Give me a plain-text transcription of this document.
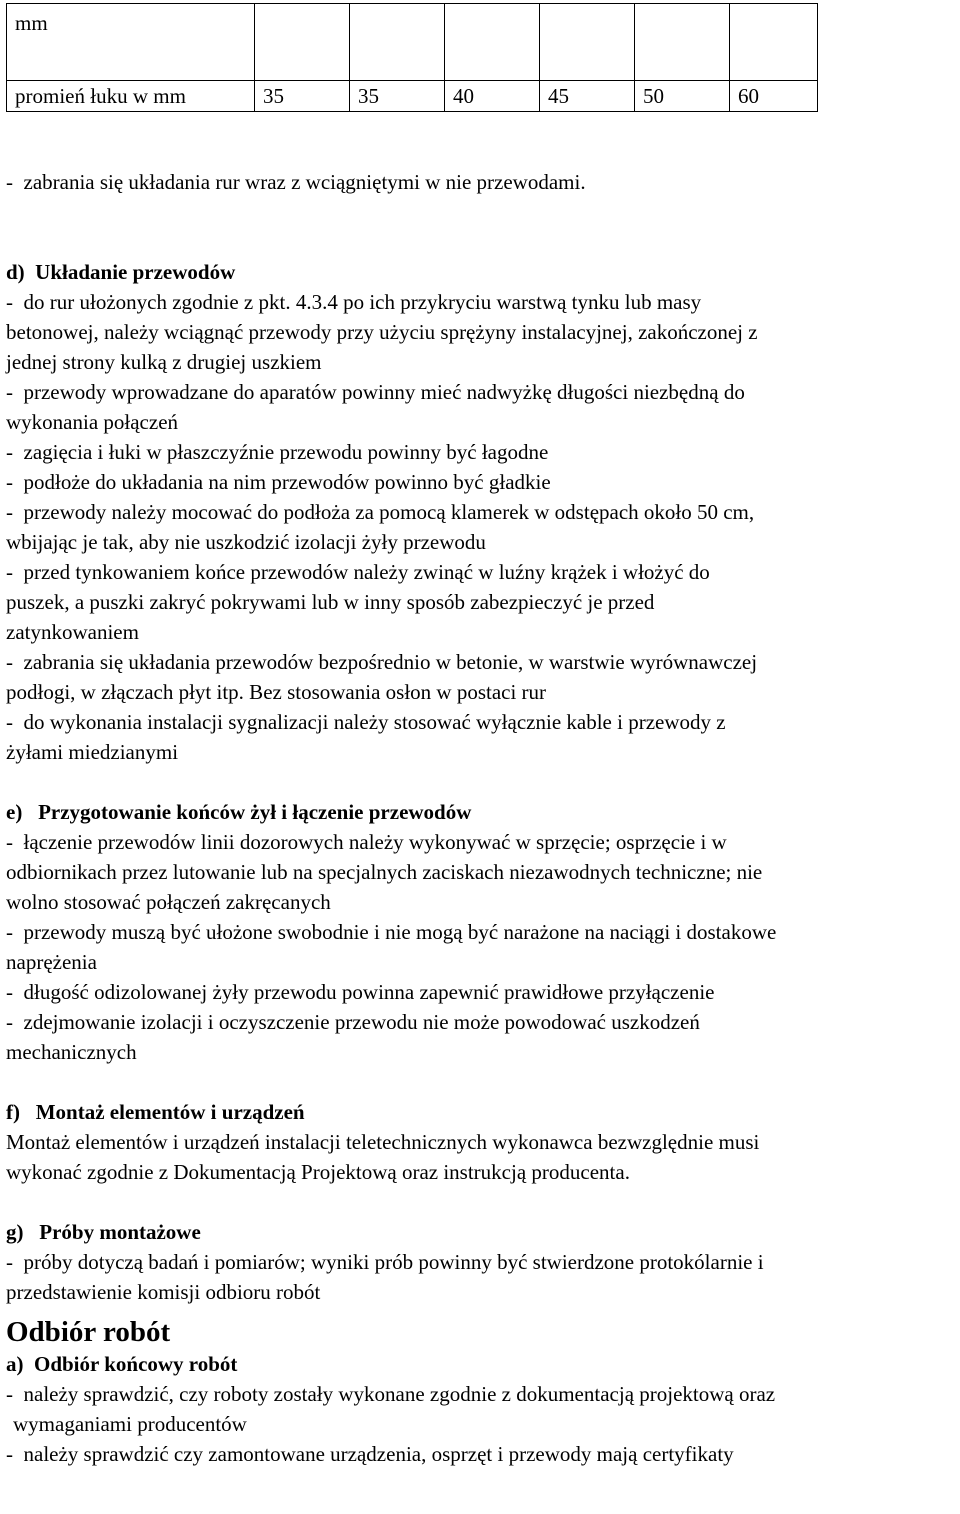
mm						
promień łuku w mm	35	35	40	45	50	60
-  zabrania się układania rur wraz z wciągniętymi w nie przewodami.
d)  Układanie przewodów
-  do rur ułożonych zgodnie z pkt. 4.3.4 po ich przykryciu warstwą tynku lub masy
betonowej, należy wciągnąć przewody przy użyciu sprężyny instalacyjnej, zakończonej z
jednej strony kulką z drugiej uszkiem
-  przewody wprowadzane do aparatów powinny mieć nadwyżkę długości niezbędną do
wykonania połączeń
-  zagięcia i łuki w płaszczyźnie przewodu powinny być łagodne
-  podłoże do układania na nim przewodów powinno być gładkie
-  przewody należy mocować do podłoża za pomocą klamerek w odstępach około 50 cm,
wbijając je tak, aby nie uszkodzić izolacji żyły przewodu
-  przed tynkowaniem końce przewodów należy zwinąć w luźny krążek i włożyć do
puszek, a puszki zakryć pokrywami lub w inny sposób zabezpieczyć je przed
zatynkowaniem
-  zabrania się układania przewodów bezpośrednio w betonie, w warstwie wyrównawczej
podłogi, w złączach płyt itp. Bez stosowania osłon w postaci rur
-  do wykonania instalacji sygnalizacji należy stosować wyłącznie kable i przewody z
żyłami miedzianymi
e)   Przygotowanie końców żył i łączenie przewodów
-  łączenie przewodów linii dozorowych należy wykonywać w sprzęcie; osprzęcie i w
odbiornikach przez lutowanie lub na specjalnych zaciskach niezawodnych techniczne; nie
wolno stosować połączeń zakręcanych
-  przewody muszą być ułożone swobodnie i nie mogą być narażone na naciągi i dostakowe
naprężenia
-  długość odizolowanej żyły przewodu powinna zapewnić prawidłowe przyłączenie
-  zdejmowanie izolacji i oczyszczenie przewodu nie może powodować uszkodzeń
mechanicznych
f)   Montaż elementów i urządzeń
Montaż elementów i urządzeń instalacji teletechnicznych wykonawca bezwzględnie musi
wykonać zgodnie z Dokumentacją Projektową oraz instrukcją producenta.
g)   Próby montażowe
-  próby dotyczą badań i pomiarów; wyniki prób powinny być stwierdzone protokólarnie i
przedstawienie komisji odbioru robót
Odbiór robót
a)  Odbiór końcowy robót
-  należy sprawdzić, czy roboty zostały wykonane zgodnie z dokumentacją projektową oraz
wymaganiami producentów
-  należy sprawdzić czy zamontowane urządzenia, osprzęt i przewody mają certyfikaty
